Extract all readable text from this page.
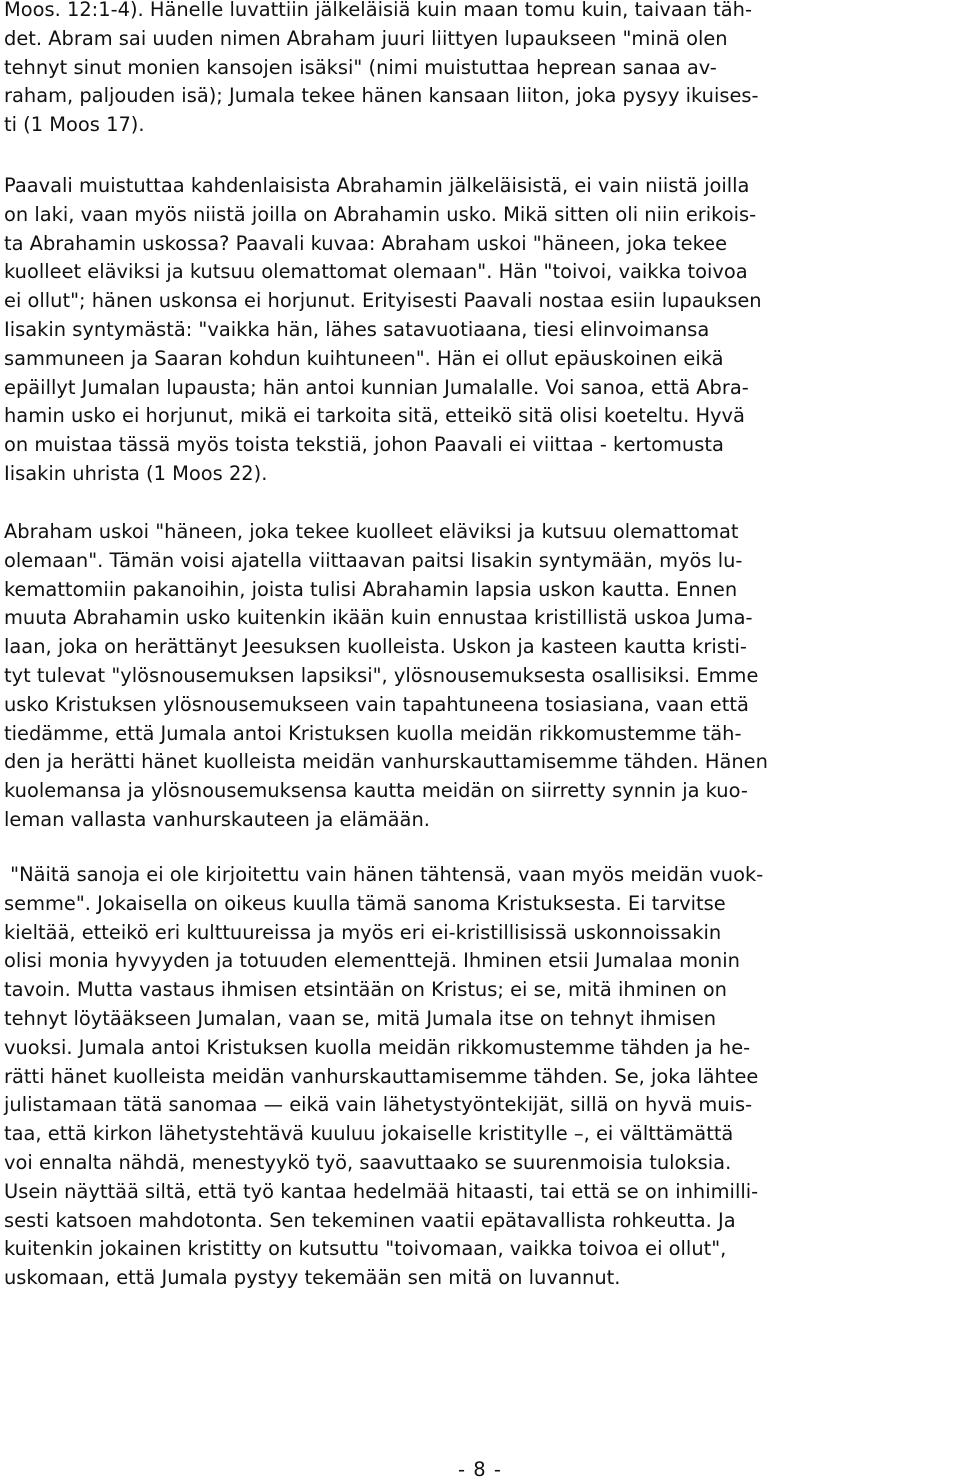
Moos. 12:1-4). Hänelle luvattiin jälkeläisiä kuin maan tomu kuin, taivaan täh-
det. Abram sai uuden nimen Abraham juuri liittyen lupaukseen "minä olen
tehnyt sinut monien kansojen isäksi" (nimi muistuttaa heprean sanaa av-
raham, paljouden isä); Jumala tekee hänen kansaan liiton, joka pysyy ikuises-
ti (1 Moos 17).
Paavali muistuttaa kahdenlaisista Abrahamin jälkeläisistä, ei vain niistä joilla
on laki, vaan myös niistä joilla on Abrahamin usko. Mikä sitten oli niin erikois-
ta Abrahamin uskossa? Paavali kuvaa: Abraham uskoi "häneen, joka tekee
kuolleet eläviksi ja kutsuu olemattomat olemaan". Hän "toivoi, vaikka toivoa
ei ollut"; hänen uskonsa ei horjunut. Erityisesti Paavali nostaa esiin lupauksen
Iisakin syntymästä: "vaikka hän, lähes satavuotiaana, tiesi elinvoimansa
sammuneen ja Saaran kohdun kuihtuneen". Hän ei ollut epäuskoinen eikä
epäillyt Jumalan lupausta; hän antoi kunnian Jumalalle. Voi sanoa, että Abra-
hamin usko ei horjunut, mikä ei tarkoita sitä, etteikö sitä olisi koeteltu. Hyvä
on muistaa tässä myös toista tekstiä, johon Paavali ei viittaa - kertomusta
Iisakin uhrista (1 Moos 22).
Abraham uskoi "häneen, joka tekee kuolleet eläviksi ja kutsuu olemattomat
olemaan". Tämän voisi ajatella viittaavan paitsi Iisakin syntymään, myös lu-
kemattomiin pakanoihin, joista tulisi Abrahamin lapsia uskon kautta. Ennen
muuta Abrahamin usko kuitenkin ikään kuin ennustaa kristillistä uskoa Juma-
laan, joka on herättänyt Jeesuksen kuolleista. Uskon ja kasteen kautta kristi-
tyt tulevat "ylösnousemuksen lapsiksi", ylösnousemuksesta osallisiksi. Emme
usko Kristuksen ylösnousemukseen vain tapahtuneena tosiasiana, vaan että
tiedämme, että Jumala antoi Kristuksen kuolla meidän rikkomustemme täh-
den ja herätti hänet kuolleista meidän vanhurskauttamisemme tähden. Hänen
kuolemansa ja ylösnousemuksensa kautta meidän on siirretty synnin ja kuo-
leman vallasta vanhurskauteen ja elämään.
"Näitä sanoja ei ole kirjoitettu vain hänen tähtensä, vaan myös meidän vuok-
semme". Jokaisella on oikeus kuulla tämä sanoma Kristuksesta. Ei tarvitse
kieltää, etteikö eri kulttuureissa ja myös eri ei-kristillisissä uskonnoissakin
olisi monia hyvyyden ja totuuden elementtejä. Ihminen etsii Jumalaa monin
tavoin. Mutta vastaus ihmisen etsintään on Kristus; ei se, mitä ihminen on
tehnyt löytääkseen Jumalan, vaan se, mitä Jumala itse on tehnyt ihmisen
vuoksi. Jumala antoi Kristuksen kuolla meidän rikkomustemme tähden ja he-
rätti hänet kuolleista meidän vanhurskauttamisemme tähden. Se, joka lähtee
julistamaan tätä sanomaa — eikä vain lähetystyöntekijät, sillä on hyvä muis-
taa, että kirkon lähetystehtävä kuuluu jokaiselle kristitylle –, ei välttämättä
voi ennalta nähdä, menestyykö työ, saavuttaako se suurenmoisia tuloksia.
Usein näyttää siltä, että työ kantaa hedelmää hitaasti, tai että se on inhimilli-
sesti katsoen mahdotonta. Sen tekeminen vaatii epätavallista rohkeutta. Ja
kuitenkin jokainen kristitty on kutsuttu "toivomaan, vaikka toivoa ei ollut",
uskomaan, että Jumala pystyy tekemään sen mitä on luvannut.
- 8 -
